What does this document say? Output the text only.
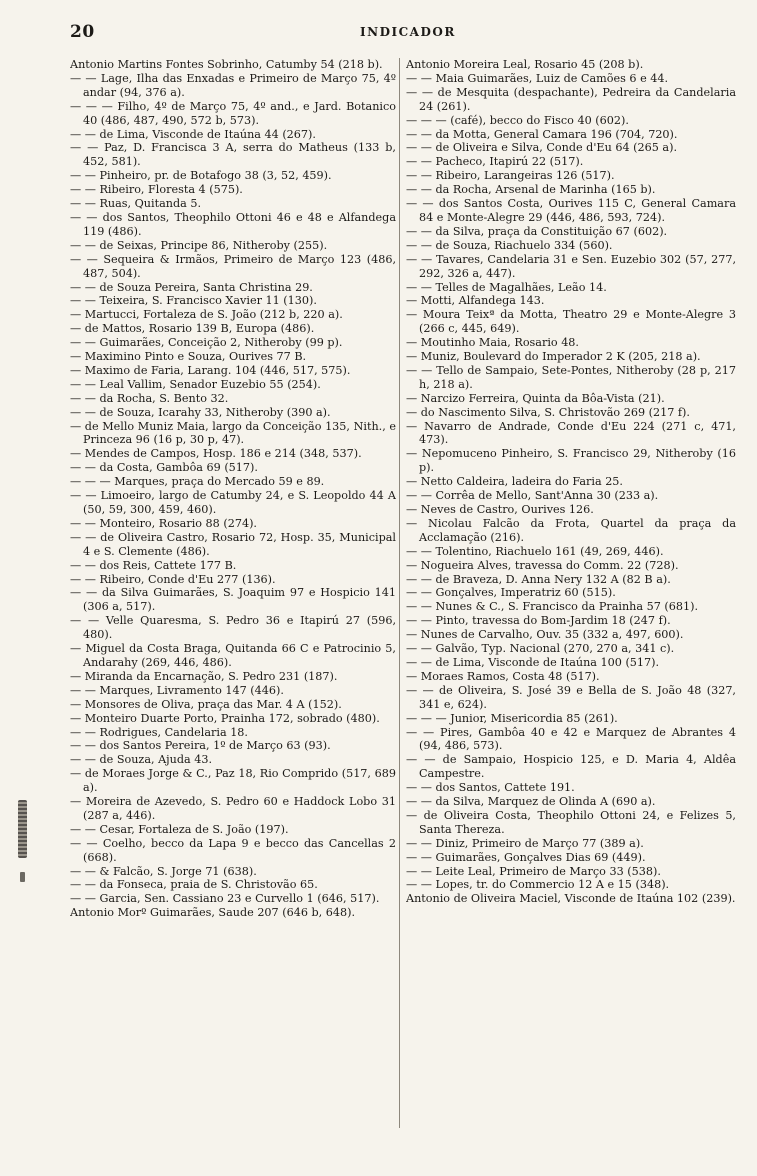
20	INDICADOR

Antonio Martins Fontes Sobrinho, Catumby 54 (218 b).

— — Lage, Ilha das Enxadas e Primeiro de Março 75, 4º andar (94, 376 a).

— — — Filho, 4º de Março 75, 4º and., e Jard. Botanico 40 (486, 487, 490, 572 b, 573).

— — de Lima, Visconde de Itaúna 44 (267).

— — Paz, D. Francisca 3 A, serra do Matheus (133 b, 452, 581).

— — Pinheiro, pr. de Botafogo 38 (3, 52, 459).

— — Ribeiro, Floresta 4 (575).

— — Ruas, Quitanda 5.

— — dos Santos, Theophilo Ottoni 46 e 48 e Alfandega 119 (486).

— — de Seixas, Principe 86, Nitheroby (255).

— — Sequeira & Irmãos, Primeiro de Março 123 (486, 487, 504).

— — de Souza Pereira, Santa Christina 29.

— — Teixeira, S. Francisco Xavier 11 (130).

— Martucci, Fortaleza de S. João (212 b, 220 a).

— de Mattos, Rosario 139 B, Europa (486).

— — Guimarães, Conceição 2, Nitheroby (99 p).

— Maximino Pinto e Souza, Ourives 77 B.

— Maximo de Faria, Larang. 104 (446, 517, 575).

— — Leal Vallim, Senador Euzebio 55 (254).

— — da Rocha, S. Bento 32.

— — de Souza, Icarahy 33, Nitheroby (390 a).

— de Mello Muniz Maia, largo da Conceição 135, Nith., e Princeza 96 (16 p, 30 p, 47).

— Mendes de Campos, Hosp. 186 e 214 (348, 537).

— — da Costa, Gambôa 69 (517).

— — — Marques, praça do Mercado 59 e 89.

— — Limoeiro, largo de Catumby 24, e S. Leopoldo 44 A (50, 59, 300, 459, 460).

— — Monteiro, Rosario 88 (274).

— — de Oliveira Castro, Rosario 72, Hosp. 35, Municipal 4 e S. Clemente (486).

— — dos Reis, Cattete 177 B.

— — Ribeiro, Conde d'Eu 277 (136).

— — da Silva Guimarães, S. Joaquim 97 e Hospicio 141 (306 a, 517).

— — Velle Quaresma, S. Pedro 36 e Itapirú 27 (596, 480).

— Miguel da Costa Braga, Quitanda 66 C e Patrocinio 5, Andarahy (269, 446, 486).

— Miranda da Encarnação, S. Pedro 231 (187).

— — Marques, Livramento 147 (446).

— Monsores de Oliva, praça das Mar. 4 A (152).

— Monteiro Duarte Porto, Prainha 172, sobrado (480).

— — Rodrigues, Candelaria 18.

— — dos Santos Pereira, 1º de Março 63 (93).

— — de Souza, Ajuda 43.

— de Moraes Jorge & C., Paz 18, Rio Comprido (517, 689 a).

— Moreira de Azevedo, S. Pedro 60 e Haddock Lobo 31 (287 a, 446).

— — Cesar, Fortaleza de S. João (197).

— — Coelho, becco da Lapa 9 e becco das Cancellas 2 (668).

— — & Falcão, S. Jorge 71 (638).

— — da Fonseca, praia de S. Christovão 65.

— — Garcia, Sen. Cassiano 23 e Curvello 1 (646, 517).

Antonio Morº Guimarães, Saude 207 (646 b, 648).

Antonio Moreira Leal, Rosario 45 (208 b).

— — Maia Guimarães, Luiz de Camões 6 e 44.

— — de Mesquita (despachante), Pedreira da Candelaria 24 (261).

— — — (café), becco do Fisco 40 (602).

— — da Motta, General Camara 196 (704, 720).

— — de Oliveira e Silva, Conde d'Eu 64 (265 a).

— — Pacheco, Itapirú 22 (517).

— — Ribeiro, Larangeiras 126 (517).

— — da Rocha, Arsenal de Marinha (165 b).

— — dos Santos Costa, Ourives 115 C, General Camara 84 e Monte-Alegre 29 (446, 486, 593, 724).

— — da Silva, praça da Constituição 67 (602).

— — de Souza, Riachuelo 334 (560).

— — Tavares, Candelaria 31 e Sen. Euzebio 302 (57, 277, 292, 326 a, 447).

— — Telles de Magalhães, Leão 14.

— Motti, Alfandega 143.

— Moura Teixª da Motta, Theatro 29 e Monte-Alegre 3 (266 c, 445, 649).

— Moutinho Maia, Rosario 48.

— Muniz, Boulevard do Imperador 2 K (205, 218 a).

— — Tello de Sampaio, Sete-Pontes, Nitheroby (28 p, 217 h, 218 a).

— Narcizo Ferreira, Quinta da Bôa-Vista (21).

— do Nascimento Silva, S. Christovão 269 (217 f).

— Navarro de Andrade, Conde d'Eu 224 (271 c, 471, 473).

— Nepomuceno Pinheiro, S. Francisco 29, Nitheroby (16 p).

— Netto Caldeira, ladeira do Faria 25.

— — Corrêa de Mello, Sant'Anna 30 (233 a).

— Neves de Castro, Ourives 126.

— Nicolau Falcão da Frota, Quartel da praça da Acclamação (216).

— — Tolentino, Riachuelo 161 (49, 269, 446).

— Nogueira Alves, travessa do Comm. 22 (728).

— — de Braveza, D. Anna Nery 132 A (82 B a).

— — Gonçalves, Imperatriz 60 (515).

— — Nunes & C., S. Francisco da Prainha 57 (681).

— — Pinto, travessa do Bom-Jardim 18 (247 f).

— Nunes de Carvalho, Ouv. 35 (332 a, 497, 600).

— — Galvão, Typ. Nacional (270, 270 a, 341 c).

— — de Lima, Visconde de Itaúna 100 (517).

— Moraes Ramos, Costa 48 (517).

— — de Oliveira, S. José 39 e Bella de S. João 48 (327, 341 e, 624).

— — — Junior, Misericordia 85 (261).

— — Pires, Gambôa 40 e 42 e Marquez de Abrantes 4 (94, 486, 573).

— — de Sampaio, Hospicio 125, e D. Maria 4, Aldêa Campestre.

— — dos Santos, Cattete 191.

— — da Silva, Marquez de Olinda A (690 a).

— de Oliveira Costa, Theophilo Ottoni 24, e Felizes 5, Santa Thereza.

— — Diniz, Primeiro de Março 77 (389 a).

— — Guimarães, Gonçalves Dias 69 (449).

— — Leite Leal, Primeiro de Março 33 (538).

— — Lopes, tr. do Commercio 12 A e 15 (348).

Antonio de Oliveira Maciel, Visconde de Itaúna 102 (239).
